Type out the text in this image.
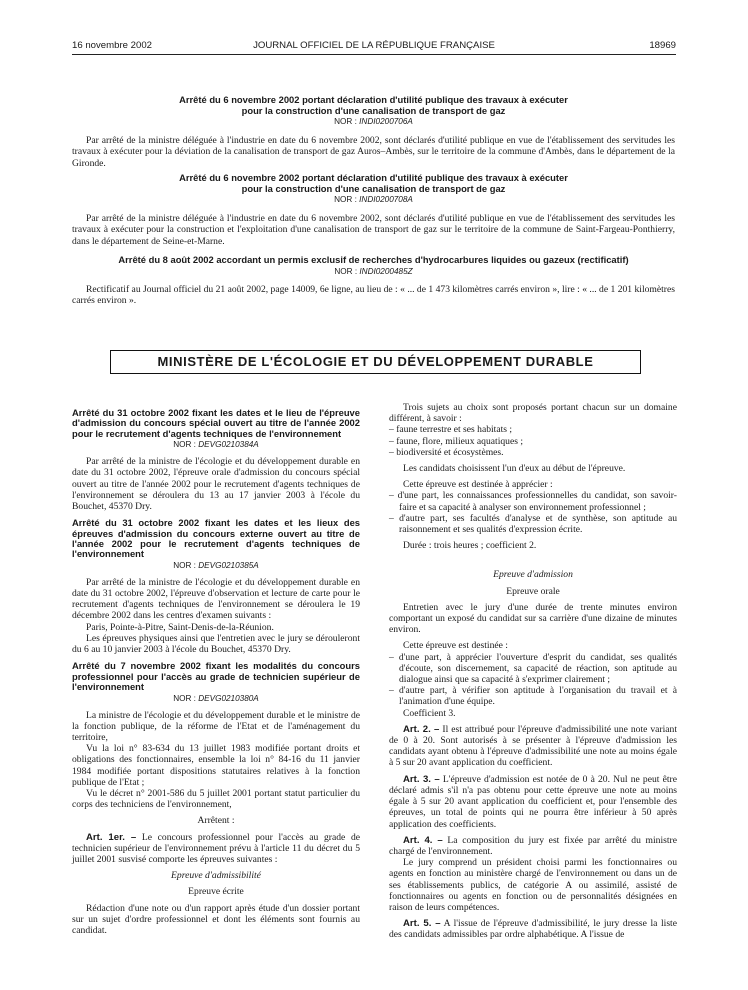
16 novembre 2002	JOURNAL OFFICIEL DE LA RÉPUBLIQUE FRANÇAISE	18969
Arrêté du 6 novembre 2002 portant déclaration d'utilité publique des travaux à exécuter
pour la construction d'une canalisation de transport de gaz
NOR : INDI0200706A

Par arrêté de la ministre déléguée à l'industrie en date du 6 novembre 2002, sont déclarés d'utilité publique en vue de l'établissement des servitudes les travaux à exécuter pour la déviation de la canalisation de transport de gaz Auros–Ambès, sur le territoire de la commune d'Ambès, dans le département de la Gironde.

Arrêté du 6 novembre 2002 portant déclaration d'utilité publique des travaux à exécuter
pour la construction d'une canalisation de transport de gaz
NOR : INDI0200708A

Par arrêté de la ministre déléguée à l'industrie en date du 6 novembre 2002, sont déclarés d'utilité publique en vue de l'établissement des servitudes les travaux à exécuter pour la construction et l'exploitation d'une canalisation de transport de gaz sur le territoire de la commune de Saint-Fargeau-Ponthierry, dans le département de Seine-et-Marne.

Arrêté du 8 août 2002 accordant un permis exclusif de recherches d'hydrocarbures liquides ou gazeux (rectificatif)
NOR : INDI0200485Z

Rectificatif au Journal officiel du 21 août 2002, page 14009, 6e ligne, au lieu de : « ... de 1 473 kilomètres carrés environ », lire : « ... de 1 201 kilomètres carrés environ ».

MINISTÈRE DE L'ÉCOLOGIE ET DU DÉVELOPPEMENT DURABLE
Arrêté du 31 octobre 2002 fixant les dates et le lieu de l'épreuve d'admission du concours spécial ouvert au titre de l'année 2002 pour le recrutement d'agents techniques de l'environnement
NOR : DEVG0210384A

Par arrêté de la ministre de l'écologie et du développement durable en date du 31 octobre 2002, l'épreuve orale d'admission du concours spécial ouvert au titre de l'année 2002 pour le recrutement d'agents techniques de l'environnement se déroulera du 13 au 17 janvier 2003 à l'école du Bouchet, 45370 Dry.

Arrêté du 31 octobre 2002 fixant les dates et les lieux des épreuves d'admission du concours externe ouvert au titre de l'année 2002 pour le recrutement d'agents techniques de l'environnement
NOR : DEVG0210385A

Par arrêté de la ministre de l'écologie et du développement durable en date du 31 octobre 2002, l'épreuve d'observation et lecture de carte pour le recrutement d'agents techniques de l'environnement se déroulera le 19 décembre 2002 dans les centres d'examen suivants :

Paris, Pointe-à-Pitre, Saint-Denis-de-la-Réunion.

Les épreuves physiques ainsi que l'entretien avec le jury se dérouleront du 6 au 10 janvier 2003 à l'école du Bouchet, 45370 Dry.

Arrêté du 7 novembre 2002 fixant les modalités du concours professionnel pour l'accès au grade de technicien supérieur de l'environnement
NOR : DEVG0210380A

La ministre de l'écologie et du développement durable et le ministre de la fonction publique, de la réforme de l'Etat et de l'aménagement du territoire,

Vu la loi n° 83-634 du 13 juillet 1983 modifiée portant droits et obligations des fonctionnaires, ensemble la loi n° 84-16 du 11 janvier 1984 modifiée portant dispositions statutaires relatives à la fonction publique de l'Etat ;

Vu le décret n° 2001-586 du 5 juillet 2001 portant statut particulier du corps des techniciens de l'environnement,

Arrêtent :

Art. 1er. – Le concours professionnel pour l'accès au grade de technicien supérieur de l'environnement prévu à l'article 11 du décret du 5 juillet 2001 susvisé comporte les épreuves suivantes :

Epreuve d'admissibilité

Epreuve écrite

Rédaction d'une note ou d'un rapport après étude d'un dossier portant sur un sujet d'ordre professionnel et dont les éléments sont fournis au candidat.

Trois sujets au choix sont proposés portant chacun sur un domaine différent, à savoir :

– faune terrestre et ses habitats ;
– faune, flore, milieux aquatiques ;
– biodiversité et écosystèmes.

Les candidats choisissent l'un d'eux au début de l'épreuve.

Cette épreuve est destinée à apprécier :

– d'une part, les connaissances professionnelles du candidat, son savoir-faire et sa capacité à analyser son environnement professionnel ;
– d'autre part, ses facultés d'analyse et de synthèse, son aptitude au raisonnement et ses qualités d'expression écrite.

Durée : trois heures ; coefficient 2.

Epreuve d'admission

Epreuve orale

Entretien avec le jury d'une durée de trente minutes environ comportant un exposé du candidat sur sa carrière d'une dizaine de minutes environ.

Cette épreuve est destinée :

– d'une part, à apprécier l'ouverture d'esprit du candidat, ses qualités d'écoute, son discernement, sa capacité de réaction, son aptitude au dialogue ainsi que sa capacité à s'exprimer clairement ;
– d'autre part, à vérifier son aptitude à l'organisation du travail et à l'animation d'une équipe.

Coefficient 3.

Art. 2. – Il est attribué pour l'épreuve d'admissibilité une note variant de 0 à 20. Sont autorisés à se présenter à l'épreuve d'admission les candidats ayant obtenu à l'épreuve d'admissibilité une note au moins égale à 5 sur 20 avant application du coefficient.

Art. 3. – L'épreuve d'admission est notée de 0 à 20. Nul ne peut être déclaré admis s'il n'a pas obtenu pour cette épreuve une note au moins égale à 5 sur 20 avant application du coefficient et, pour l'ensemble des épreuves, un total de points qui ne pourra être inférieur à 50 après application des coefficients.

Art. 4. – La composition du jury est fixée par arrêté du ministre chargé de l'environnement.

Le jury comprend un président choisi parmi les fonctionnaires ou agents en fonction au ministère chargé de l'environnement ou dans un de ses établissements publics, de catégorie A ou assimilé, assisté de fonctionnaires ou agents en fonction ou de personnalités désignées en raison de leurs compétences.

Art. 5. – A l'issue de l'épreuve d'admissibilité, le jury dresse la liste des candidats admissibles par ordre alphabétique. A l'issue de
